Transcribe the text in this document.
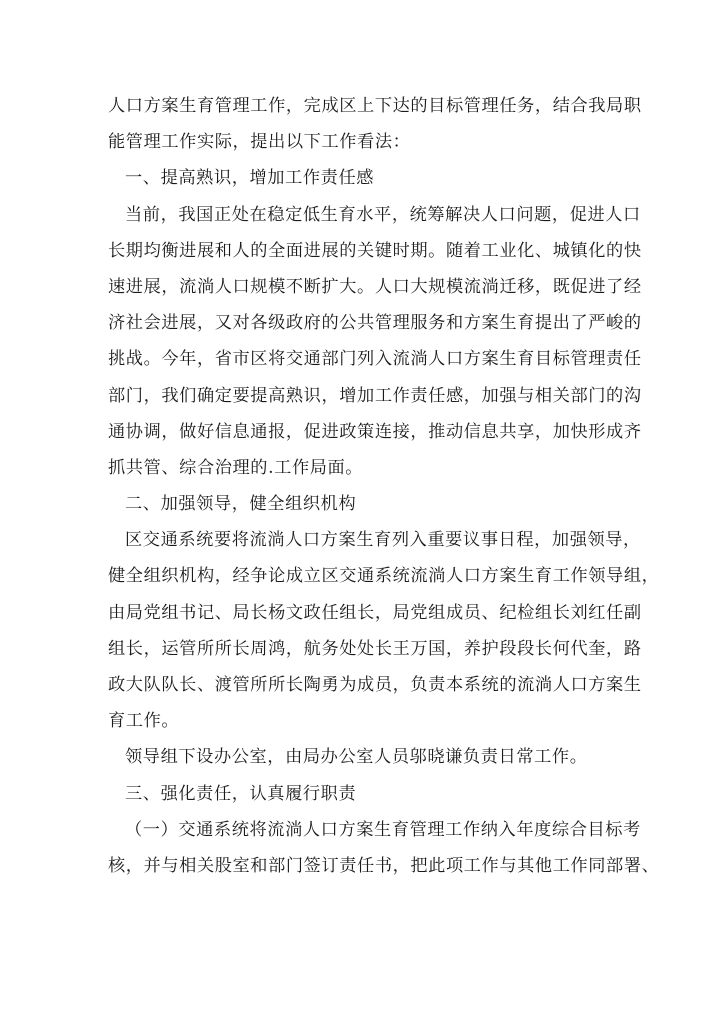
人口方案生育管理工作，完成区上下达的目标管理任务，结合我局职
能管理工作实际，提出以下工作看法：
一、提高熟识，增加工作责任感
当前，我国正处在稳定低生育水平，统筹解决人口问题，促进人口
长期均衡进展和人的全面进展的关键时期。随着工业化、城镇化的快
速进展，流淌人口规模不断扩大。人口大规模流淌迁移，既促进了经
济社会进展，又对各级政府的公共管理服务和方案生育提出了严峻的
挑战。今年，省市区将交通部门列入流淌人口方案生育目标管理责任
部门，我们确定要提高熟识，增加工作责任感，加强与相关部门的沟
通协调，做好信息通报，促进政策连接，推动信息共享，加快形成齐
抓共管、综合治理的.工作局面。
二、加强领导，健全组织机构
区交通系统要将流淌人口方案生育列入重要议事日程，加强领导，
健全组织机构，经争论成立区交通系统流淌人口方案生育工作领导组，
由局党组书记、局长杨文政任组长，局党组成员、纪检组长刘红任副
组长，运管所所长周鸿，航务处处长王万国，养护段段长何代奎，路
政大队队长、渡管所所长陶勇为成员，负责本系统的流淌人口方案生
育工作。
领导组下设办公室，由局办公室人员邬晓谦负责日常工作。
三、强化责任，认真履行职责
（一）交通系统将流淌人口方案生育管理工作纳入年度综合目标考
核，并与相关股室和部门签订责任书，把此项工作与其他工作同部署、
